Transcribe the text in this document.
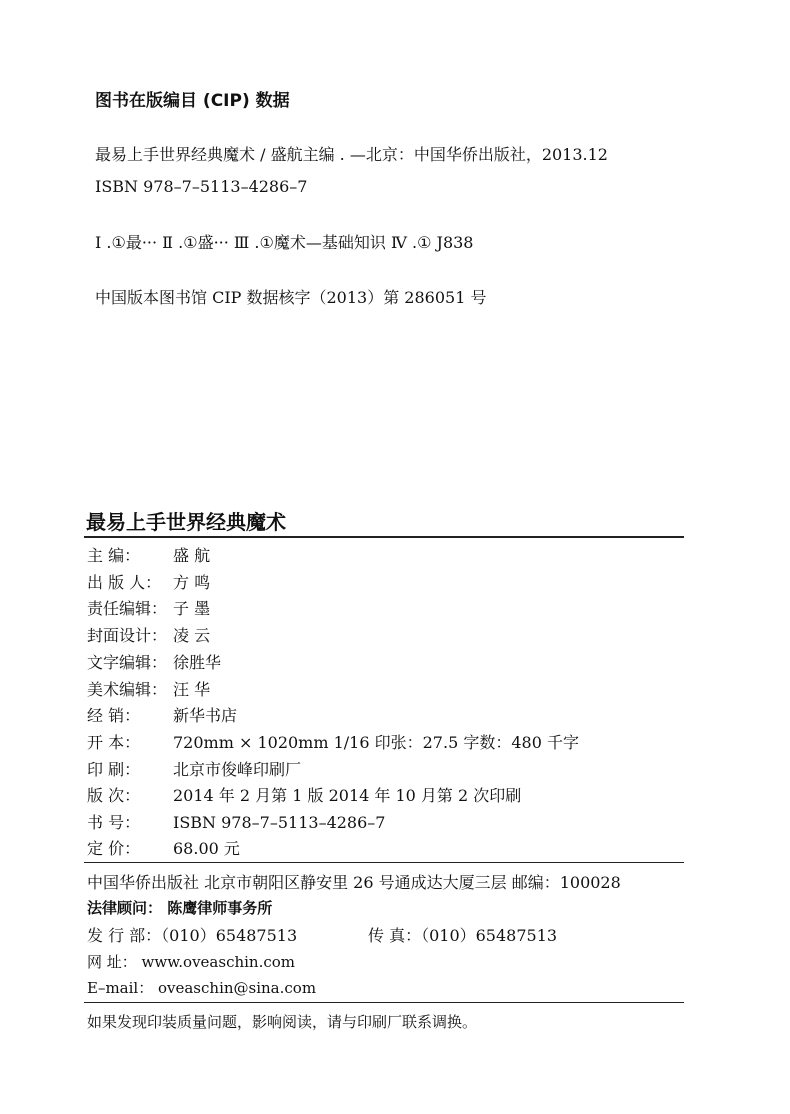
图书在版编目 (CIP) 数据
最易上手世界经典魔术 / 盛航主编 . —北京：中国华侨出版社，2013.12
ISBN 978–7–5113–4286–7
Ⅰ .①最··· Ⅱ .①盛··· Ⅲ .①魔术—基础知识 Ⅳ .① J838
中国版本图书馆 CIP 数据核字（2013）第 286051 号
最易上手世界经典魔术
主 编： 盛 航
出 版 人： 方 鸣
责任编辑： 子 墨
封面设计： 凌 云
文字编辑： 徐胜华
美术编辑： 汪 华
经 销： 新华书店
开 本： 720mm × 1020mm 1/16 印张：27.5 字数：480 千字
印 刷： 北京市俊峰印刷厂
版 次： 2014 年 2 月第 1 版 2014 年 10 月第 2 次印刷
书 号： ISBN 978–7–5113–4286–7
定 价： 68.00 元
中国华侨出版社 北京市朝阳区静安里 26 号通成达大厦三层 邮编：100028
法律顾问： 陈鹰律师事务所
发 行 部：（010）65487513	传 真：（010）65487513
网 址： www.oveaschin.com
E–mail： oveaschin@sina.com
如果发现印装质量问题，影响阅读，请与印刷厂联系调换。
